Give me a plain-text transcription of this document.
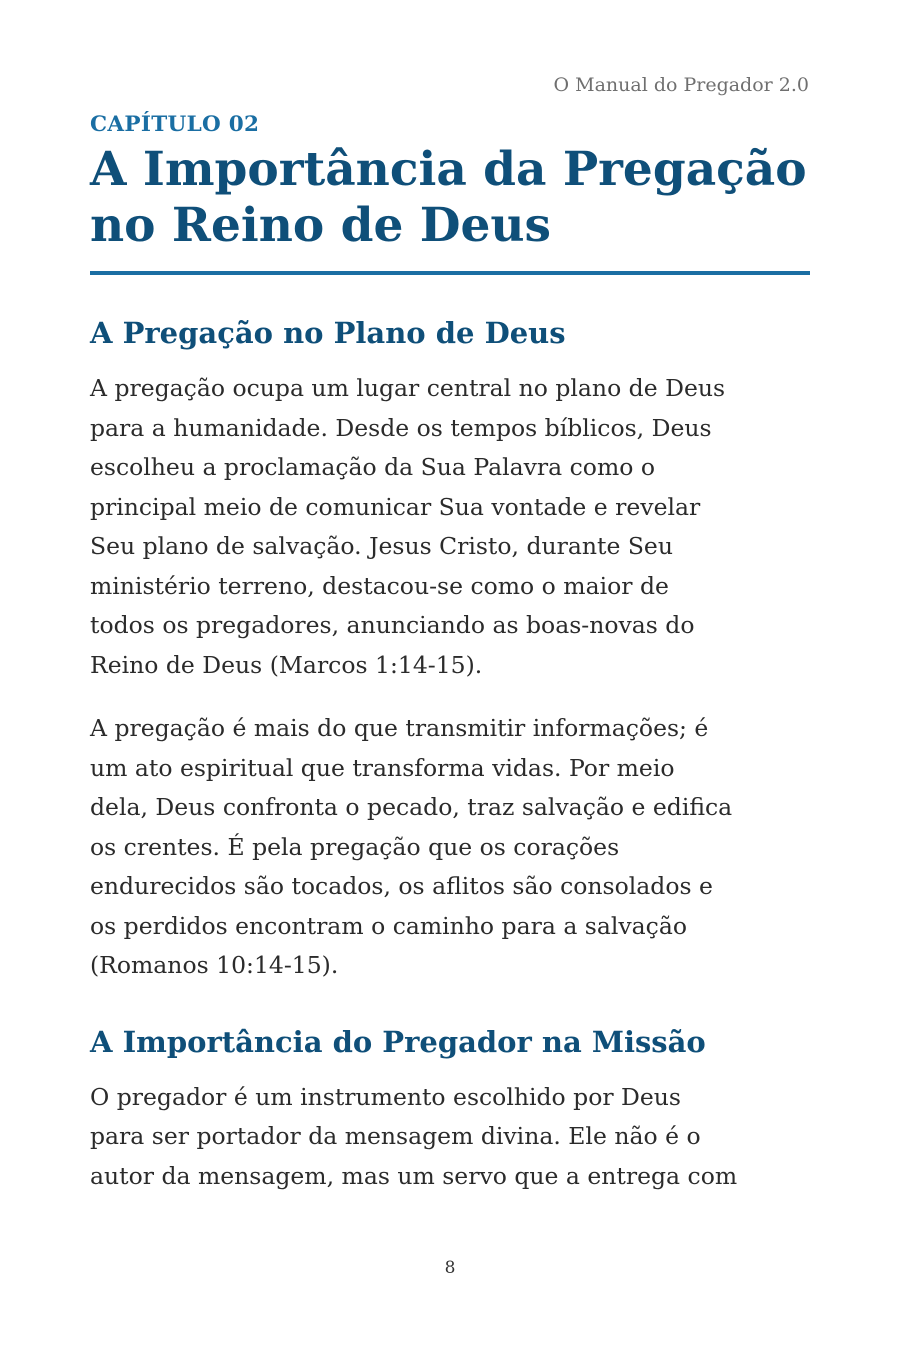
O Manual do Pregador 2.0
CAPÍTULO 02
A Importância da Pregação
no Reino de Deus
A Pregação no Plano de Deus

A pregação ocupa um lugar central no plano de Deus
para a humanidade. Desde os tempos bíblicos, Deus
escolheu a proclamação da Sua Palavra como o
principal meio de comunicar Sua vontade e revelar
Seu plano de salvação. Jesus Cristo, durante Seu
ministério terreno, destacou-se como o maior de
todos os pregadores, anunciando as boas-novas do
Reino de Deus (Marcos 1:14-15).

A pregação é mais do que transmitir informações; é
um ato espiritual que transforma vidas. Por meio
dela, Deus confronta o pecado, traz salvação e edifica
os crentes. É pela pregação que os corações
endurecidos são tocados, os aflitos são consolados e
os perdidos encontram o caminho para a salvação
(Romanos 10:14-15).

A Importância do Pregador na Missão

O pregador é um instrumento escolhido por Deus
para ser portador da mensagem divina. Ele não é o
autor da mensagem, mas um servo que a entrega com

8
